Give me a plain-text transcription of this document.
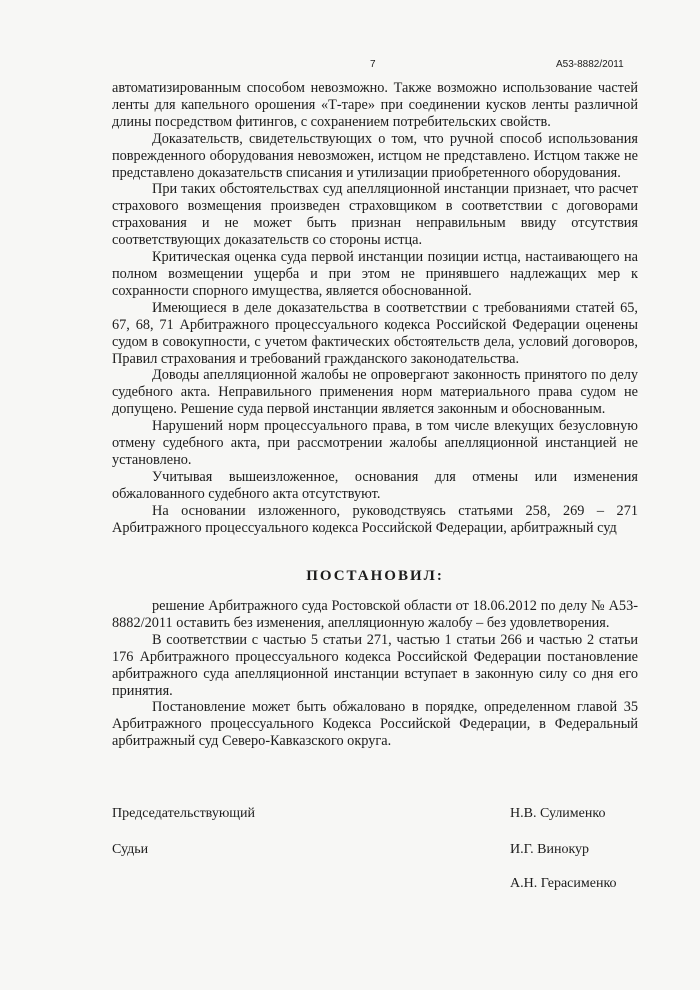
7	А53-8882/2011

автоматизированным способом невозможно. Также возможно использование частей ленты для капельного орошения «Т-таре» при соединении кусков ленты различной длины посредством фитингов, с сохранением потребительских свойств.

Доказательств, свидетельствующих о том, что ручной способ использования поврежденного оборудования невозможен, истцом не представлено. Истцом также не представлено доказательств списания и утилизации приобретенного оборудования.

При таких обстоятельствах суд апелляционной инстанции признает, что расчет страхового возмещения произведен страховщиком в соответствии с договорами страхования и не может быть признан неправильным ввиду отсутствия соответствующих доказательств со стороны истца.

Критическая оценка суда первой инстанции позиции истца, настаивающего на полном возмещении ущерба и при этом не принявшего надлежащих мер к сохранности спорного имущества, является обоснованной.

Имеющиеся в деле доказательства в соответствии с требованиями статей 65, 67, 68, 71 Арбитражного процессуального кодекса Российской Федерации оценены судом в совокупности, с учетом фактических обстоятельств дела, условий договоров, Правил страхования и требований гражданского законодательства.

Доводы апелляционной жалобы не опровергают законность принятого по делу судебного акта. Неправильного применения норм материального права судом не допущено. Решение суда первой инстанции является законным и обоснованным.

Нарушений норм процессуального права, в том числе влекущих безусловную отмену судебного акта, при рассмотрении жалобы апелляционной инстанцией не установлено.

Учитывая вышеизложенное, основания для отмены или изменения обжалованного судебного акта отсутствуют.

На основании изложенного, руководствуясь статьями 258, 269 – 271 Арбитражного процессуального кодекса Российской Федерации, арбитражный суд

ПОСТАНОВИЛ:

решение Арбитражного суда Ростовской области от 18.06.2012 по делу № А53-8882/2011 оставить без изменения, апелляционную жалобу – без удовлетворения.

В соответствии с частью 5 статьи 271, частью 1 статьи 266 и частью 2 статьи 176 Арбитражного процессуального кодекса Российской Федерации постановление арбитражного суда апелляционной инстанции вступает в законную силу со дня его принятия.

Постановление может быть обжаловано в порядке, определенном главой 35 Арбитражного процессуального Кодекса Российской Федерации, в Федеральный арбитражный суд Северо-Кавказского округа.

Председательствующий	Н.В. Сулименко
Судьи	И.Г. Винокур
А.Н. Герасименко
